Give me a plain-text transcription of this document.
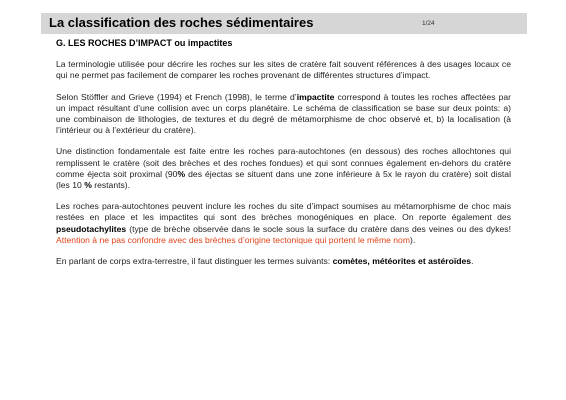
La classification des roches sédimentaires	1/24
G. LES ROCHES D’IMPACT ou impactites

La terminologie utilisée pour décrire les roches sur les sites de cratère fait souvent références à des usages locaux ce qui ne permet pas facilement de comparer les roches provenant de différentes structures d’impact.

Selon Stöffler and Grieve (1994) et French (1998), le terme d’impactite correspond à toutes les roches affectées par un impact résultant d’une collision avec un corps planétaire. Le schéma de classification se base sur deux points: a) une combinaison de lithologies, de textures et du degré de métamorphisme de choc observé et, b) la localisation (à l’intérieur ou à l’extérieur du cratère).

Une distinction fondamentale est faite entre les roches para-autochtones (en dessous) des roches allochtones qui remplissent le cratère (soit des brèches et des roches fondues) et qui sont connues également en-dehors du cratère comme éjecta soit proximal (90% des éjectas se situent dans une zone inférieure à 5x le rayon du cratère) soit distal (les 10 % restants).

Les roches para-autochtones peuvent inclure les roches du site d’impact soumises au métamorphisme de choc mais restées en place et les impactites qui sont des brèches monogéniques en place. On reporte également des pseudotachylites (type de brèche observée dans le socle sous la surface du cratère dans des veines ou des dykes! Attention à ne pas confondre avec des brèches d’origine tectonique qui portent le même nom).

En parlant de corps extra-terrestre, il faut distinguer les termes suivants: comètes, météorites et astéroïdes.
